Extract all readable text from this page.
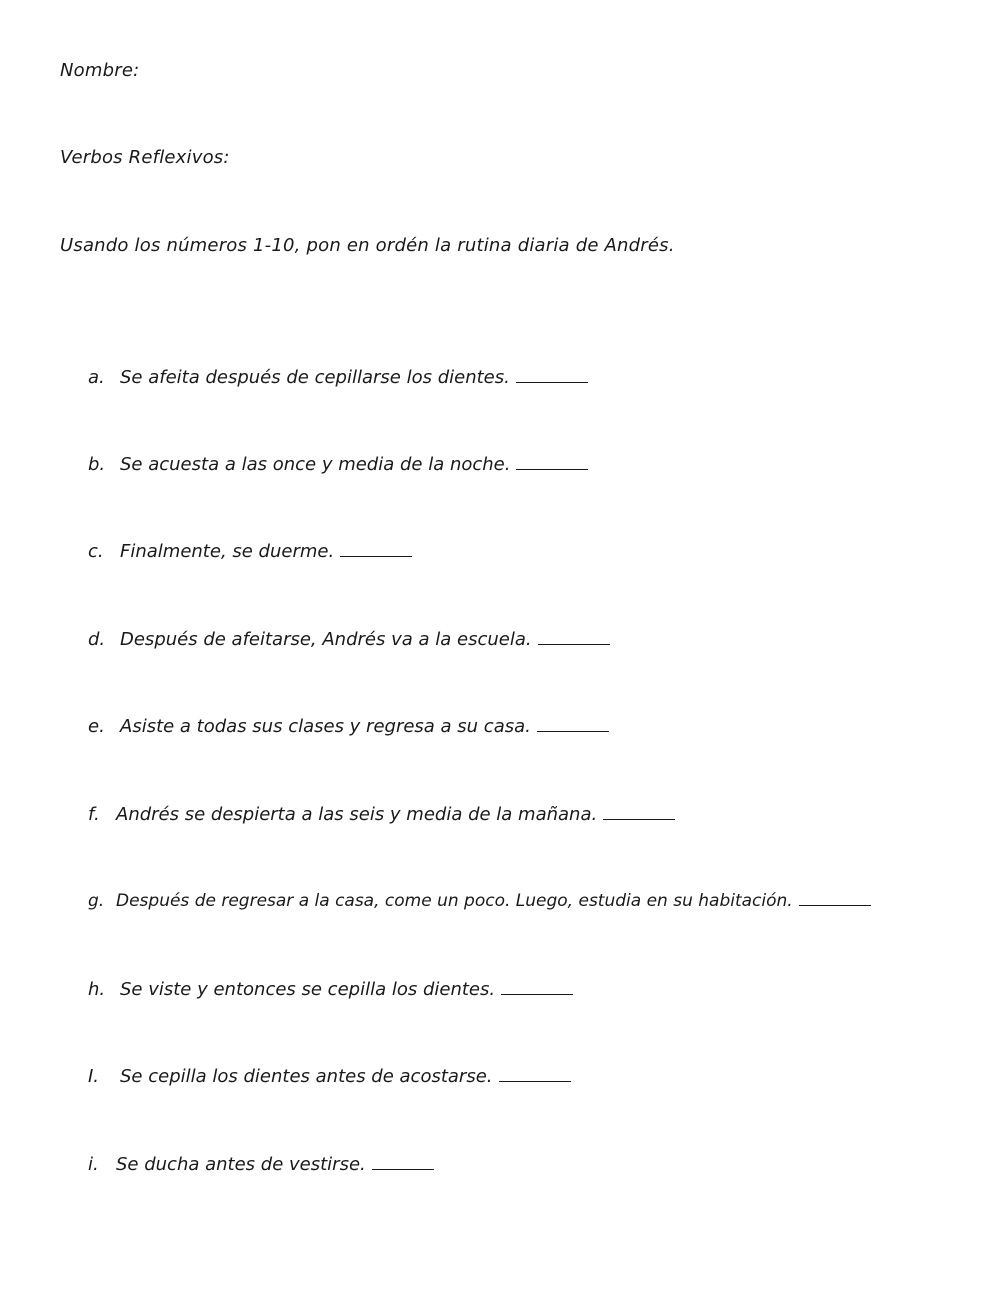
Nombre:
Verbos Reflexivos:
Usando los números 1-10, pon en ordén la rutina diaria de Andrés.
a. Se afeita después de cepillarse los dientes.
b. Se acuesta a las once y media de la noche.
c. Finalmente, se duerme.
d. Después de afeitarse, Andrés va a la escuela.
e. Asiste a todas sus clases y regresa a su casa.
f. Andrés se despierta a las seis y media de la mañana.
g. Después de regresar a la casa, come un poco. Luego, estudia en su habitación.
h. Se viste y entonces se cepilla los dientes.
I.	Se cepilla los dientes antes de acostarse.
i. Se ducha antes de vestirse.
